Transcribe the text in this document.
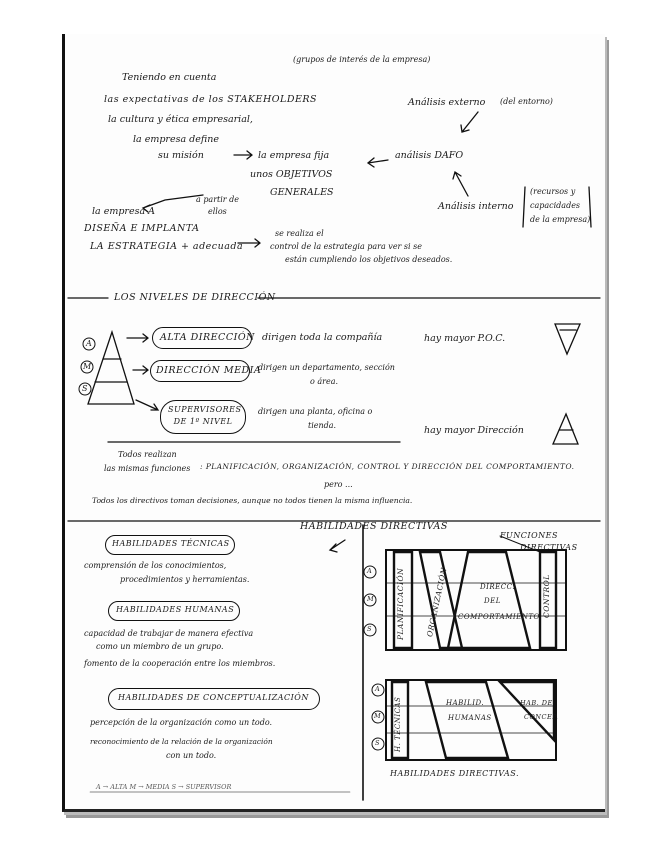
(grupos de interés de la empresa)
Teniendo en cuenta
las expectativas de los STAKEHOLDERS
la cultura y ética empresarial,
la empresa define
su misión	la empresa fija
unos OBJETIVOS
GENERALES
análisis DAFO
Análisis externo (del entorno)
Análisis interno
(recursos y
capacidades
de la empresa)
la empresa A
a partir de
ellos
DISEÑA E IMPLANTA
LA ESTRATEGIA + adecuada
se realiza el
control de la estrategia para ver si se
están cumpliendo los objetivos deseados.
LOS NIVELES DE DIRECCIÓN
A
M
S
ALTA DIRECCIÓN dirigen toda la compañía
DIRECCIÓN MEDIA
dirigen un departamento, sección
o área.
SUPERVISORES DE 1º NIVEL
dirigen una planta, oficina o
tienda.
hay mayor P.O.C.
hay mayor Dirección
Todos realizan
las mismas funciones : PLANIFICACIÓN, ORGANIZACIÓN, CONTROL Y DIRECCIÓN DEL COMPORTAMIENTO.
pero ...
Todos los directivos toman decisiones, aunque no todos tienen la misma influencia.
HABILIDADES DIRECTIVAS
HABILIDADES TÉCNICAS
comprensión de los conocimientos,
procedimientos y herramientas.
HABILIDADES HUMANAS
capacidad de trabajar de manera efectiva
como un miembro de un grupo.
fomento de la cooperación entre los miembros.
HABILIDADES DE CONCEPTUALIZACIÓN
percepción de la organización como un todo.
reconocimiento de la relación de la organización
con un todo.
A → ALTA M → MEDIA S → SUPERVISOR
FUNCIONES
DIRECTIVAS
A
M
S	PLANIFICACIÓN	ORGANIZACIÓN	DIRECC.
DEL
COMPORTAMIENTO CONTROL
A
M
S H. TÉCNICAS	HABILID.
HUMANAS
HAB. DE
CONCEP.
HABILIDADES DIRECTIVAS.
